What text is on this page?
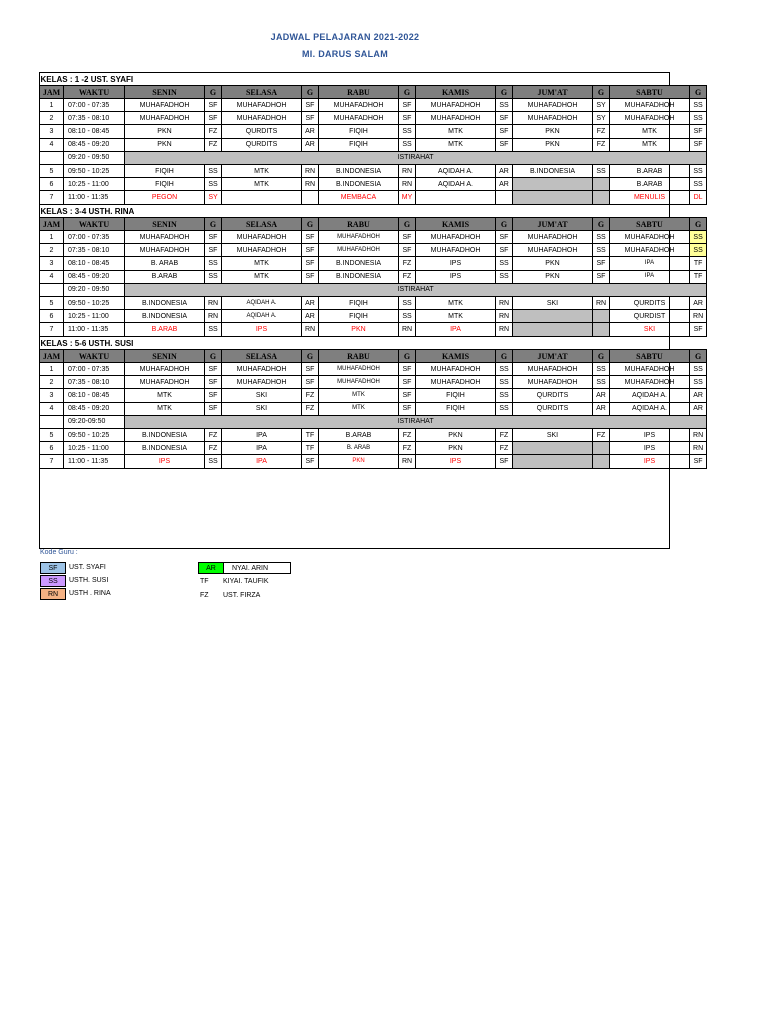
JADWAL PELAJARAN 2021-2022
MI. DARUS SALAM
KELAS : 1 -2 UST. SYAFI													
JAM	WAKTU	SENIN	G	SELASA	G	RABU	G	KAMIS	G	JUM'AT	G	SABTU	G
1	07:00 - 07:35	MUHAFADHOH	SF	MUHAFADHOH	SF	MUHAFADHOH	SF	MUHAFADHOH	SS	MUHAFADHOH	SY	MUHAFADHOH	SS
2	07:35 - 08:10	MUHAFADHOH	SF	MUHAFADHOH	SF	MUHAFADHOH	SF	MUHAFADHOH	SF	MUHAFADHOH	SY	MUHAFADHOH	SS
3	08:10 - 08:45	PKN	FZ	QURDITS	AR	FIQIH	SS	MTK	SF	PKN	FZ	MTK	SF
4	08:45 - 09:20	PKN	FZ	QURDITS	AR	FIQIH	SS	MTK	SF	PKN	FZ	MTK	SF
	09:20 - 09:50	ISTIRAHAT											
5	09:50 - 10:25	FIQIH	SS	MTK	RN	B.INDONESIA	RN	AQIDAH A.	AR	B.INDONESIA	SS	B.ARAB	SS
6	10:25 - 11:00	FIQIH	SS	MTK	RN	B.INDONESIA	RN	AQIDAH A.	AR			B.ARAB	SS
7	11:00 - 11:35	PEGON	SY			MEMBACA	MY					MENULIS	DL
KELAS : 3-4 USTH. RINA													
JAM	WAKTU	SENIN	G	SELASA	G	RABU	G	KAMIS	G	JUM'AT	G	SABTU	G
1	07:00 - 07:35	MUHAFADHOH	SF	MUHAFADHOH	SF	MUHAFADHOH	SF	MUHAFADHOH	SF	MUHAFADHOH	SS	MUHAFADHOH	SS
2	07:35 - 08:10	MUHAFADHOH	SF	MUHAFADHOH	SF	MUHAFADHOH	SF	MUHAFADHOH	SF	MUHAFADHOH	SS	MUHAFADHOH	SS
3	08:10 - 08:45	B. ARAB	SS	MTK	SF	B.INDONESIA	FZ	IPS	SS	PKN	SF	IPA	TF
4	08:45 - 09:20	B.ARAB	SS	MTK	SF	B.INDONESIA	FZ	IPS	SS	PKN	SF	IPA	TF
	09:20 - 09:50	ISTIRAHAT											
5	09:50 - 10:25	B.INDONESIA	RN	AQIDAH A.	AR	FIQIH	SS	MTK	RN	SKI	RN	QURDITS	AR
6	10:25 - 11:00	B.INDONESIA	RN	AQIDAH A.	AR	FIQIH	SS	MTK	RN			QURDIST	RN
7	11:00 - 11:35	B.ARAB	SS	IPS	RN	PKN	RN	IPA	RN			SKI	SF
KELAS : 5-6 USTH. SUSI													
JAM	WAKTU	SENIN	G	SELASA	G	RABU	G	KAMIS	G	JUM'AT	G	SABTU	G
1	07:00 - 07:35	MUHAFADHOH	SF	MUHAFADHOH	SF	MUHAFADHOH	SF	MUHAFADHOH	SS	MUHAFADHOH	SS	MUHAFADHOH	SS
2	07:35 - 08:10	MUHAFADHOH	SF	MUHAFADHOH	SF	MUHAFADHOH	SF	MUHAFADHOH	SS	MUHAFADHOH	SS	MUHAFADHOH	SS
3	08:10 - 08:45	MTK	SF	SKI	FZ	MTK	SF	FIQIH	SS	QURDITS	AR	AQIDAH A.	AR
4	08:45 - 09:20	MTK	SF	SKI	FZ	MTK	SF	FIQIH	SS	QURDITS	AR	AQIDAH A.	AR
	09:20-09:50	ISTIRAHAT											
5	09:50 - 10:25	B.INDONESIA	FZ	IPA	TF	B.ARAB	FZ	PKN	FZ	SKI	FZ	IPS	RN
6	10:25 - 11:00	B.INDONESIA	FZ	IPA	TF	B. ARAB	FZ	PKN	FZ			IPS	RN
7	11:00 - 11:35	IPS	SS	IPA	SF	PKN	RN	IPS	SF			IPS	SF
Kode Guru :
SF	UST. SYAFI
SS	USTH. SUSI
RN	USTH . RINA
AR	NYAI. ARIN
TF KIYAI. TAUFIK
FZ UST. FIRZA
